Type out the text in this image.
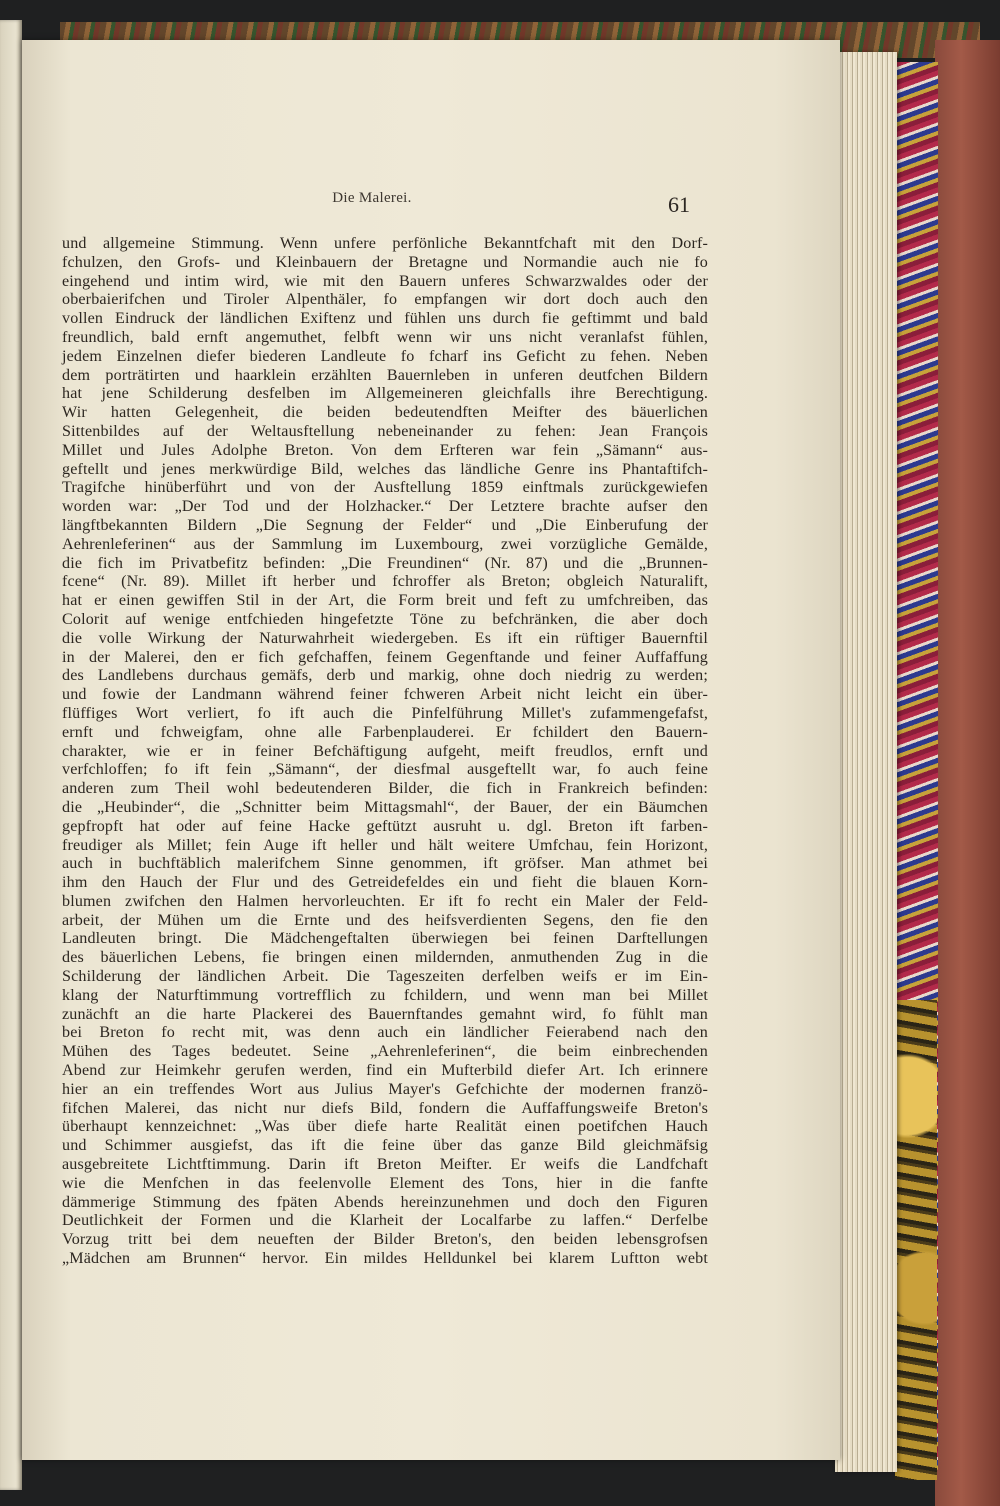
Die Malerei.	61
und allgemeine Stimmung. Wenn unfere perfönliche Bekanntfchaft mit den Dorf-
fchulzen, den Grofs- und Kleinbauern der Bretagne und Normandie auch nie fo
eingehend und intim wird, wie mit den Bauern unferes Schwarzwaldes oder der
oberbaierifchen und Tiroler Alpenthäler, fo empfangen wir dort doch auch den
vollen Eindruck der ländlichen Exiftenz und fühlen uns durch fie geftimmt und bald
freundlich, bald ernft angemuthet, felbft wenn wir uns nicht veranlafst fühlen,
jedem Einzelnen diefer biederen Landleute fo fcharf ins Geficht zu fehen. Neben
dem porträtirten und haarklein erzählten Bauernleben in unferen deutfchen Bildern
hat jene Schilderung desfelben im Allgemeineren gleichfalls ihre Berechtigung.
Wir hatten Gelegenheit, die beiden bedeutendften Meifter des bäuerlichen
Sittenbildes auf der Weltausftellung nebeneinander zu fehen: Jean François
Millet und Jules Adolphe Breton. Von dem Erfteren war fein „Sämann“ aus-
geftellt und jenes merkwürdige Bild, welches das ländliche Genre ins Phantaftifch-
Tragifche hinüberführt und von der Ausftellung 1859 einftmals zurückgewiefen
worden war: „Der Tod und der Holzhacker.“ Der Letztere brachte aufser den
längftbekannten Bildern „Die Segnung der Felder“ und „Die Einberufung der
Aehrenleferinen“ aus der Sammlung im Luxembourg, zwei vorzügliche Gemälde,
die fich im Privatbefitz befinden: „Die Freundinen“ (Nr. 87) und die „Brunnen-
fcene“ (Nr. 89). Millet ift herber und fchroffer als Breton; obgleich Naturalift,
hat er einen gewiffen Stil in der Art, die Form breit und feft zu umfchreiben, das
Colorit auf wenige entfchieden hingefetzte Töne zu befchränken, die aber doch
die volle Wirkung der Naturwahrheit wiedergeben. Es ift ein rüftiger Bauernftil
in der Malerei, den er fich gefchaffen, feinem Gegenftande und feiner Auffaffung
des Landlebens durchaus gemäfs, derb und markig, ohne doch niedrig zu werden;
und fowie der Landmann während feiner fchweren Arbeit nicht leicht ein über-
flüffiges Wort verliert, fo ift auch die Pinfelführung Millet's zufammengefafst,
ernft und fchweigfam, ohne alle Farbenplauderei. Er fchildert den Bauern-
charakter, wie er in feiner Befchäftigung aufgeht, meift freudlos, ernft und
verfchloffen; fo ift fein „Sämann“, der diesfmal ausgeftellt war, fo auch feine
anderen zum Theil wohl bedeutenderen Bilder, die fich in Frankreich befinden:
die „Heubinder“, die „Schnitter beim Mittagsmahl“, der Bauer, der ein Bäumchen
gepfropft hat oder auf feine Hacke geftützt ausruht u. dgl. Breton ift farben-
freudiger als Millet; fein Auge ift heller und hält weitere Umfchau, fein Horizont,
auch in buchftäblich malerifchem Sinne genommen, ift gröfser. Man athmet bei
ihm den Hauch der Flur und des Getreidefeldes ein und fieht die blauen Korn-
blumen zwifchen den Halmen hervorleuchten. Er ift fo recht ein Maler der Feld-
arbeit, der Mühen um die Ernte und des heifsverdienten Segens, den fie den
Landleuten bringt. Die Mädchengeftalten überwiegen bei feinen Darftellungen
des bäuerlichen Lebens, fie bringen einen mildernden, anmuthenden Zug in die
Schilderung der ländlichen Arbeit. Die Tageszeiten derfelben weifs er im Ein-
klang der Naturftimmung vortrefflich zu fchildern, und wenn man bei Millet
zunächft an die harte Plackerei des Bauernftandes gemahnt wird, fo fühlt man
bei Breton fo recht mit, was denn auch ein ländlicher Feierabend nach den
Mühen des Tages bedeutet. Seine „Aehrenleferinen“, die beim einbrechenden
Abend zur Heimkehr gerufen werden, find ein Mufterbild diefer Art. Ich erinnere
hier an ein treffendes Wort aus Julius Mayer's Gefchichte der modernen franzö-
fifchen Malerei, das nicht nur diefs Bild, fondern die Auffaffungsweife Breton's
überhaupt kennzeichnet: „Was über diefe harte Realität einen poetifchen Hauch
und Schimmer ausgiefst, das ift die feine über das ganze Bild gleichmäfsig
ausgebreitete Lichtftimmung. Darin ift Breton Meifter. Er weifs die Landfchaft
wie die Menfchen in das feelenvolle Element des Tons, hier in die fanfte
dämmerige Stimmung des fpäten Abends hereinzunehmen und doch den Figuren
Deutlichkeit der Formen und die Klarheit der Localfarbe zu laffen.“ Derfelbe
Vorzug tritt bei dem neueften der Bilder Breton's, den beiden lebensgrofsen
„Mädchen am Brunnen“ hervor. Ein mildes Helldunkel bei klarem Luftton webt
